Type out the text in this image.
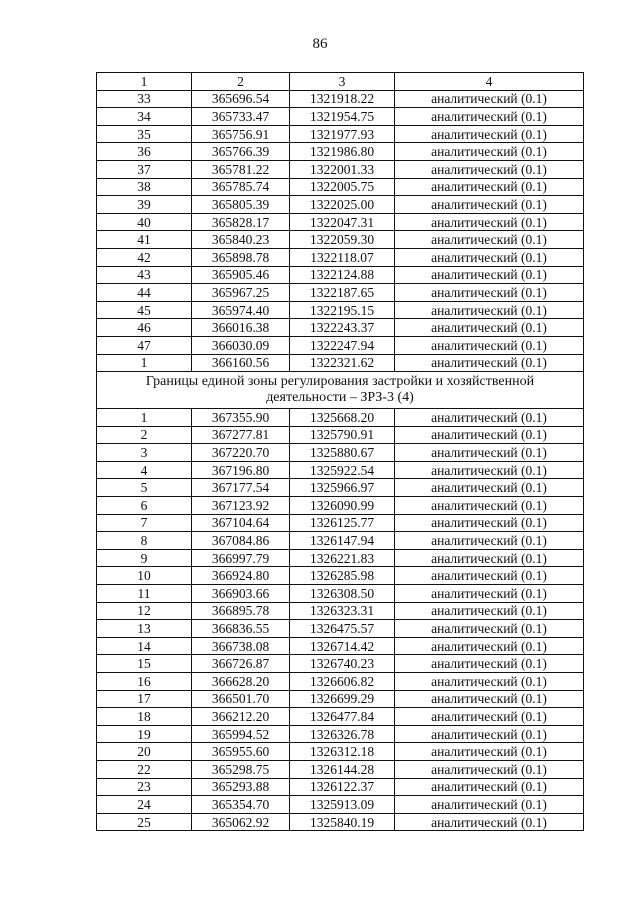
86
1	2	3	4
33	365696.54	1321918.22	аналитический (0.1)
34	365733.47	1321954.75	аналитический (0.1)
35	365756.91	1321977.93	аналитический (0.1)
36	365766.39	1321986.80	аналитический (0.1)
37	365781.22	1322001.33	аналитический (0.1)
38	365785.74	1322005.75	аналитический (0.1)
39	365805.39	1322025.00	аналитический (0.1)
40	365828.17	1322047.31	аналитический (0.1)
41	365840.23	1322059.30	аналитический (0.1)
42	365898.78	1322118.07	аналитический (0.1)
43	365905.46	1322124.88	аналитический (0.1)
44	365967.25	1322187.65	аналитический (0.1)
45	365974.40	1322195.15	аналитический (0.1)
46	366016.38	1322243.37	аналитический (0.1)
47	366030.09	1322247.94	аналитический (0.1)
1	366160.56	1322321.62	аналитический (0.1)
Границы единой зоны регулирования застройки и хозяйственной деятельности – ЗРЗ-3 (4)			
1	367355.90	1325668.20	аналитический (0.1)
2	367277.81	1325790.91	аналитический (0.1)
3	367220.70	1325880.67	аналитический (0.1)
4	367196.80	1325922.54	аналитический (0.1)
5	367177.54	1325966.97	аналитический (0.1)
6	367123.92	1326090.99	аналитический (0.1)
7	367104.64	1326125.77	аналитический (0.1)
8	367084.86	1326147.94	аналитический (0.1)
9	366997.79	1326221.83	аналитический (0.1)
10	366924.80	1326285.98	аналитический (0.1)
11	366903.66	1326308.50	аналитический (0.1)
12	366895.78	1326323.31	аналитический (0.1)
13	366836.55	1326475.57	аналитический (0.1)
14	366738.08	1326714.42	аналитический (0.1)
15	366726.87	1326740.23	аналитический (0.1)
16	366628.20	1326606.82	аналитический (0.1)
17	366501.70	1326699.29	аналитический (0.1)
18	366212.20	1326477.84	аналитический (0.1)
19	365994.52	1326326.78	аналитический (0.1)
20	365955.60	1326312.18	аналитический (0.1)
22	365298.75	1326144.28	аналитический (0.1)
23	365293.88	1326122.37	аналитический (0.1)
24	365354.70	1325913.09	аналитический (0.1)
25	365062.92	1325840.19	аналитический (0.1)
